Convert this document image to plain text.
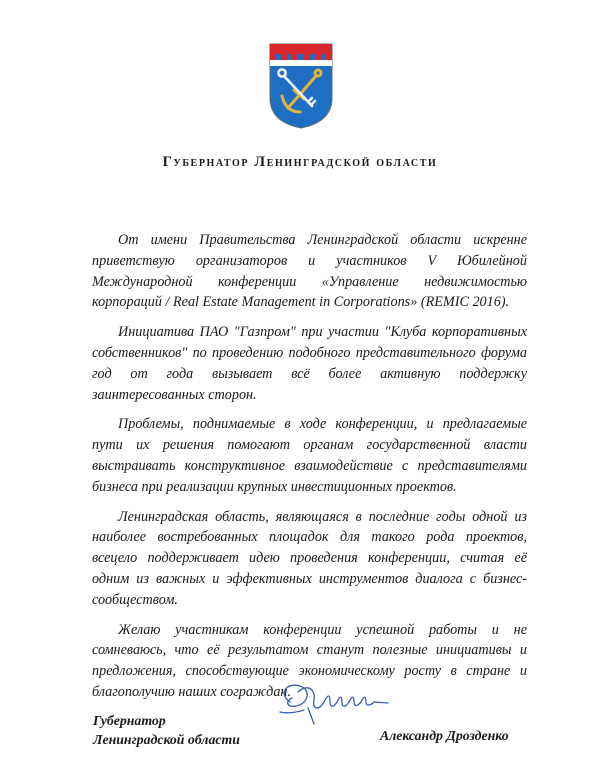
Губернатор Ленинградской области

От имени Правительства Ленинградской области искренне приветствую организаторов и участников V Юбилейной Международной конференции «Управление недвижимостью корпораций / Real Estate Management in Corporations» (REMIC 2016).

Инициатива ПАО "Газпром" при участии "Клуба корпоративных собственников" по проведению подобного представительного форума год от года вызывает всё более активную поддержку заинтересованных сторон.

Проблемы, поднимаемые в ходе конференции, и предлагаемые пути их решения помогают органам государственной власти выстраивать конструктивное взаимодействие с представителями бизнеса при реализации крупных инвестиционных проектов.

Ленинградская область, являющаяся в последние годы одной из наиболее востребованных площадок для такого рода проектов, всецело поддерживает идею проведения конференции, считая её одним из важных и эффективных инструментов диалога с бизнес-сообществом.

Желаю участникам конференции успешной работы и не сомневаюсь, что её результатом станут полезные инициативы и предложения, способствующие экономическому росту в стране и благополучию наших сограждан.

Губернатор
Ленинградской области	Александр Дрозденко
